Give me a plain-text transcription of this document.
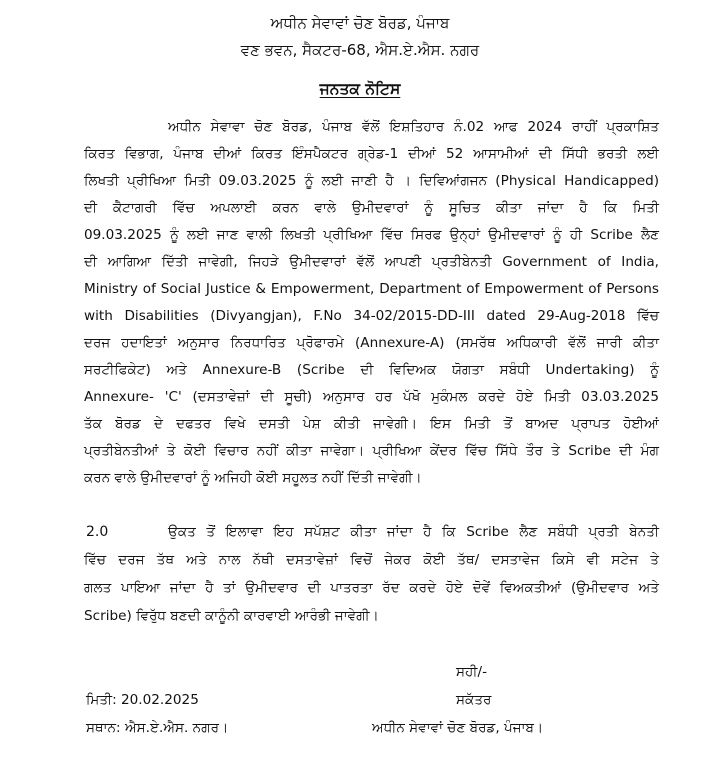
ਅਧੀਨ ਸੇਵਾਵਾਂ ਚੋਣ ਬੋਰਡ, ਪੰਜਾਬ
ਵਣ ਭਵਨ, ਸੈਕਟਰ-68, ਐਸ.ਏ.ਐਸ. ਨਗਰ
ਜਨਤਕ ਨੋਟਿਸ
ਅਧੀਨ ਸੇਵਾਵਾ ਚੋਣ ਬੋਰਡ, ਪੰਜਾਬ ਵੱਲੋਂ ਇਸ਼ਤਿਹਾਰ ਨੰ.02 ਆਫ 2024 ਰਾਹੀਂ ਪ੍ਰਕਾਸ਼ਿਤ
ਕਿਰਤ ਵਿਭਾਗ, ਪੰਜਾਬ ਦੀਆਂ ਕਿਰਤ ਇੰਸਪੈਕਟਰ ਗ੍ਰੇਡ-1 ਦੀਆਂ 52 ਆਸਾਮੀਆਂ ਦੀ ਸਿੱਧੀ ਭਰਤੀ ਲਈ
ਲਿਖਤੀ ਪ੍ਰੀਖਿਆ ਮਿਤੀ 09.03.2025 ਨੂੰ ਲਈ ਜਾਣੀ ਹੈ । ਦਿਵਿਆਂਗਜਨ (Physical Handicapped)
ਦੀ ਕੈਟਾਗਰੀ ਵਿੱਚ ਅਪਲਾਈ ਕਰਨ ਵਾਲੇ ਉਮੀਦਵਾਰਾਂ ਨੂੰ ਸੂਚਿਤ ਕੀਤਾ ਜਾਂਦਾ ਹੈ ਕਿ ਮਿਤੀ
09.03.2025 ਨੂੰ ਲਈ ਜਾਣ ਵਾਲੀ ਲਿਖਤੀ ਪ੍ਰੀਖਿਆ ਵਿੱਚ ਸਿਰਫ ਉਨ੍ਹਾਂ ਉਮੀਦਵਾਰਾਂ ਨੂੰ ਹੀ Scribe ਲੈਣ
ਦੀ ਆਗਿਆ ਦਿੱਤੀ ਜਾਵੇਗੀ, ਜਿਹੜੇ ਉਮੀਦਵਾਰਾਂ ਵੱਲੋਂ ਆਪਣੀ ਪ੍ਰਤੀਬੇਨਤੀ Government of India,
Ministry of Social Justice & Empowerment, Department of Empowerment of Persons
with Disabilities (Divyangjan), F.No 34-02/2015-DD-III dated 29-Aug-2018 ਵਿੱਚ
ਦਰਜ ਹਦਾਇਤਾਂ ਅਨੁਸਾਰ ਨਿਰਧਾਰਿਤ ਪ੍ਰੋਫਾਰਮੇ (Annexure-A) (ਸਮਰੱਥ ਅਧਿਕਾਰੀ ਵੱਲੋਂ ਜਾਰੀ ਕੀਤਾ
ਸਰਟੀਫਿਕੇਟ) ਅਤੇ Annexure-B (Scribe ਦੀ ਵਿਦਿਅਕ ਯੋਗਤਾ ਸਬੰਧੀ Undertaking) ਨੂੰ
Annexure- 'C' (ਦਸਤਾਵੇਜ਼ਾਂ ਦੀ ਸੂਚੀ) ਅਨੁਸਾਰ ਹਰ ਪੱਖੋ ਮੁਕੰਮਲ ਕਰਦੇ ਹੋਏ ਮਿਤੀ 03.03.2025
ਤੱਕ ਬੋਰਡ ਦੇ ਦਫਤਰ ਵਿਖੇ ਦਸਤੀ ਪੇਸ਼ ਕੀਤੀ ਜਾਵੇਗੀ। ਇਸ ਮਿਤੀ ਤੋਂ ਬਾਅਦ ਪ੍ਰਾਪਤ ਹੋਈਆਂ
ਪ੍ਰਤੀਬੇਨਤੀਆਂ ਤੇ ਕੋਈ ਵਿਚਾਰ ਨਹੀਂ ਕੀਤਾ ਜਾਵੇਗਾ। ਪ੍ਰੀਖਿਆ ਕੇਂਦਰ ਵਿੱਚ ਸਿੱਧੇ ਤੌਰ ਤੇ Scribe ਦੀ ਮੰਗ
ਕਰਨ ਵਾਲੇ ਉਮੀਦਵਾਰਾਂ ਨੂੰ ਅਜਿਹੀ ਕੋਈ ਸਹੂਲਤ ਨਹੀਂ ਦਿੱਤੀ ਜਾਵੇਗੀ।
2.0	ਉਕਤ ਤੋਂ ਇਲਾਵਾ ਇਹ ਸਪੱਸ਼ਟ ਕੀਤਾ ਜਾਂਦਾ ਹੈ ਕਿ Scribe ਲੈਣ ਸਬੰਧੀ ਪ੍ਰਤੀ ਬੇਨਤੀ
ਵਿੱਚ ਦਰਜ ਤੱਥ ਅਤੇ ਨਾਲ ਨੱਥੀ ਦਸਤਾਵੇਜ਼ਾਂ ਵਿਚੋਂ ਜੇਕਰ ਕੋਈ ਤੱਥ/ ਦਸਤਾਵੇਜ ਕਿਸੇ ਵੀ ਸਟੇਜ ਤੇ
ਗਲਤ ਪਾਇਆ ਜਾਂਦਾ ਹੈ ਤਾਂ ਉਮੀਦਵਾਰ ਦੀ ਪਾਤਰਤਾ ਰੱਦ ਕਰਦੇ ਹੋਏ ਦੋਵੇਂ ਵਿਅਕਤੀਆਂ (ਉਮੀਦਵਾਰ ਅਤੇ
Scribe) ਵਿਰੁੱਧ ਬਣਦੀ ਕਾਨੂੰਨੀ ਕਾਰਵਾਈ ਆਰੰਭੀ ਜਾਵੇਗੀ।
ਸਹੀ/-
ਮਿਤੀ: 20.02.2025	ਸਕੱਤਰ
ਸਥਾਨ: ਐਸ.ਏ.ਐਸ. ਨਗਰ।	ਅਧੀਨ ਸੇਵਾਵਾਂ ਚੋਣ ਬੋਰਡ, ਪੰਜਾਬ।
